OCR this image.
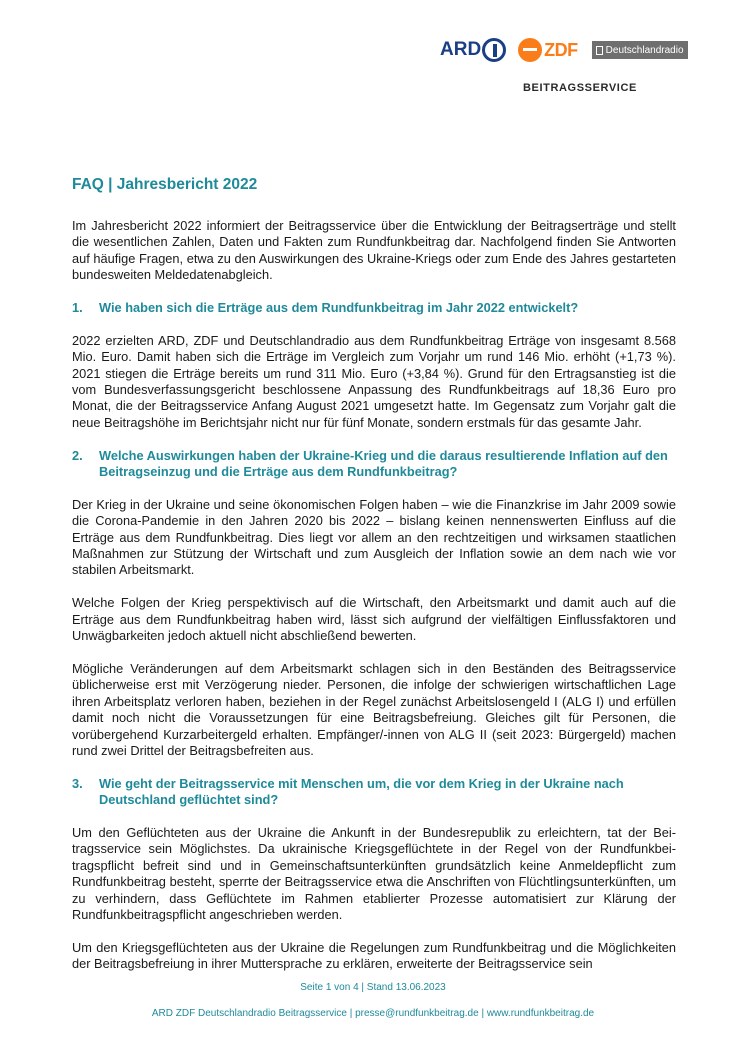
ARD	ZDF	Deutschlandradio
BEITRAGSSERVICE
FAQ | Jahresbericht 2022

Im Jahresbericht 2022 informiert der Beitragsservice über die Entwicklung der Beitragserträge und stellt die wesentlichen Zahlen, Daten und Fakten zum Rundfunkbeitrag dar. Nachfolgend finden Sie Antworten auf häufige Fragen, etwa zu den Auswirkungen des Ukraine-Kriegs oder zum Ende des Jahres gestarteten bundesweiten Meldedatenabgleich.

1.	Wie haben sich die Erträge aus dem Rundfunkbeitrag im Jahr 2022 entwickelt?

2022 erzielten ARD, ZDF und Deutschlandradio aus dem Rundfunkbeitrag Erträge von insgesamt 8.568 Mio. Euro. Damit haben sich die Erträge im Vergleich zum Vorjahr um rund 146 Mio. erhöht (+1,73 %). 2021 stiegen die Erträge bereits um rund 311 Mio. Euro (+3,84 %). Grund für den Ertragsanstieg ist die vom Bundesverfassungsgericht beschlossene Anpassung des Rundfunkbeitrags auf 18,36 Euro pro Monat, die der Beitragsservice Anfang August 2021 umgesetzt hatte. Im Gegensatz zum Vorjahr galt die neue Beitragshöhe im Berichtsjahr nicht nur für fünf Monate, sondern erstmals für das gesamte Jahr.

2.	Welche Auswirkungen haben der Ukraine-Krieg und die daraus resultierende Inflation auf den Beitragseinzug und die Erträge aus dem Rundfunkbeitrag?

Der Krieg in der Ukraine und seine ökonomischen Folgen haben – wie die Finanzkrise im Jahr 2009 sowie die Corona-Pandemie in den Jahren 2020 bis 2022 – bislang keinen nennenswerten Einfluss auf die Erträge aus dem Rundfunkbeitrag. Dies liegt vor allem an den rechtzeitigen und wirksamen staatlichen Maßnahmen zur Stützung der Wirtschaft und zum Ausgleich der Inflation sowie an dem nach wie vor stabilen Arbeitsmarkt.

Welche Folgen der Krieg perspektivisch auf die Wirtschaft, den Arbeitsmarkt und damit auch auf die Erträge aus dem Rundfunkbeitrag haben wird, lässt sich aufgrund der vielfältigen Einflussfaktoren und Unwägbarkeiten jedoch aktuell nicht abschließend bewerten.

Mögliche Veränderungen auf dem Arbeitsmarkt schlagen sich in den Beständen des Beitragsservice üblicherweise erst mit Verzögerung nieder. Personen, die infolge der schwierigen wirtschaftlichen Lage ihren Arbeitsplatz verloren haben, beziehen in der Regel zunächst Arbeitslosengeld I (ALG I) und erfüllen damit noch nicht die Voraussetzungen für eine Beitragsbefreiung. Gleiches gilt für Personen, die vorübergehend Kurzarbeitergeld erhalten. Empfänger/-innen von ALG II (seit 2023: Bürgergeld) machen rund zwei Drittel der Beitragsbefreiten aus.

3.	Wie geht der Beitragsservice mit Menschen um, die vor dem Krieg in der Ukraine nach Deutschland geflüchtet sind?

Um den Geflüchteten aus der Ukraine die Ankunft in der Bundesrepublik zu erleichtern, tat der Beitragsservice sein Möglichstes. Da ukrainische Kriegsgeflüchtete in der Regel von der Rundfunkbeitragspflicht befreit sind und in Gemeinschaftsunterkünften grundsätzlich keine Anmeldepflicht zum Rundfunkbeitrag besteht, sperrte der Beitragsservice etwa die Anschriften von Flüchtlingsunterkünften, um zu verhindern, dass Geflüchtete im Rahmen etablierter Prozesse automatisiert zur Klärung der Rundfunkbeitragspflicht angeschrieben werden.

Um den Kriegsgeflüchteten aus der Ukraine die Regelungen zum Rundfunkbeitrag und die Möglichkeiten der Beitragsbefreiung in ihrer Muttersprache zu erklären, erweiterte der Beitragsservice sein

Seite 1 von 4 | Stand 13.06.2023
ARD ZDF Deutschlandradio Beitragsservice | presse@rundfunkbeitrag.de | www.rundfunkbeitrag.de
